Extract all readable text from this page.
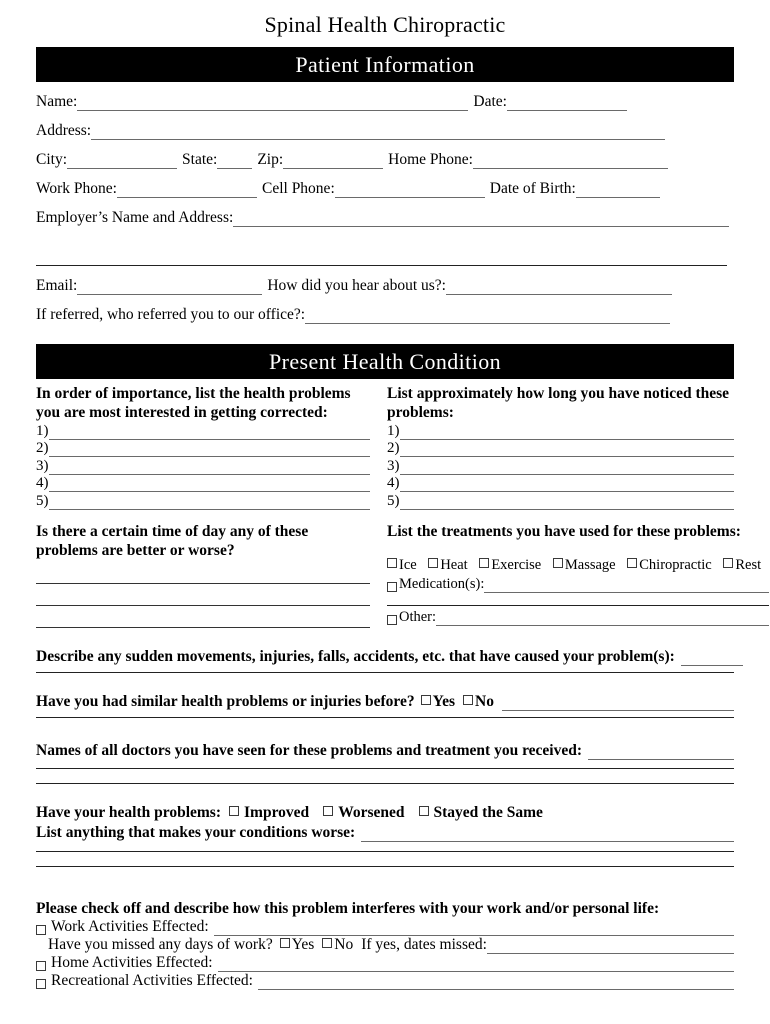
Spinal Health Chiropractic
Patient Information
Name:	Date:
Address:
City:	State:	Zip:	Home Phone:
Work Phone:	Cell Phone:	Date of Birth:
Employer’s Name and Address:
Email:	How did you hear about us?:
If referred, who referred you to our office?:
Present Health Condition
In order of importance, list the health problems you are most interested in getting corrected:
1)
2)
3)
4)
5)
List approximately how long you have noticed these problems:
1)
2)
3)
4)
5)
Is there a certain time of day any of these problems are better or worse?
List the treatments you have used for these problems:
Ice Heat Exercise Massage Chiropractic Rest
Medication(s):
Other:
Describe any sudden movements, injuries, falls, accidents, etc. that have caused your problem(s):
Have you had similar health problems or injuries before?	Yes	No
Names of all doctors you have seen for these problems and treatment you received:
Have your health problems:	Improved	Worsened	Stayed the Same
List anything that makes your conditions worse:
Please check off and describe how this problem interferes with your work and/or personal life:
Work Activities Effected:
Have you missed any days of work?	Yes	No If yes, dates missed:
Home Activities Effected:
Recreational Activities Effected:
